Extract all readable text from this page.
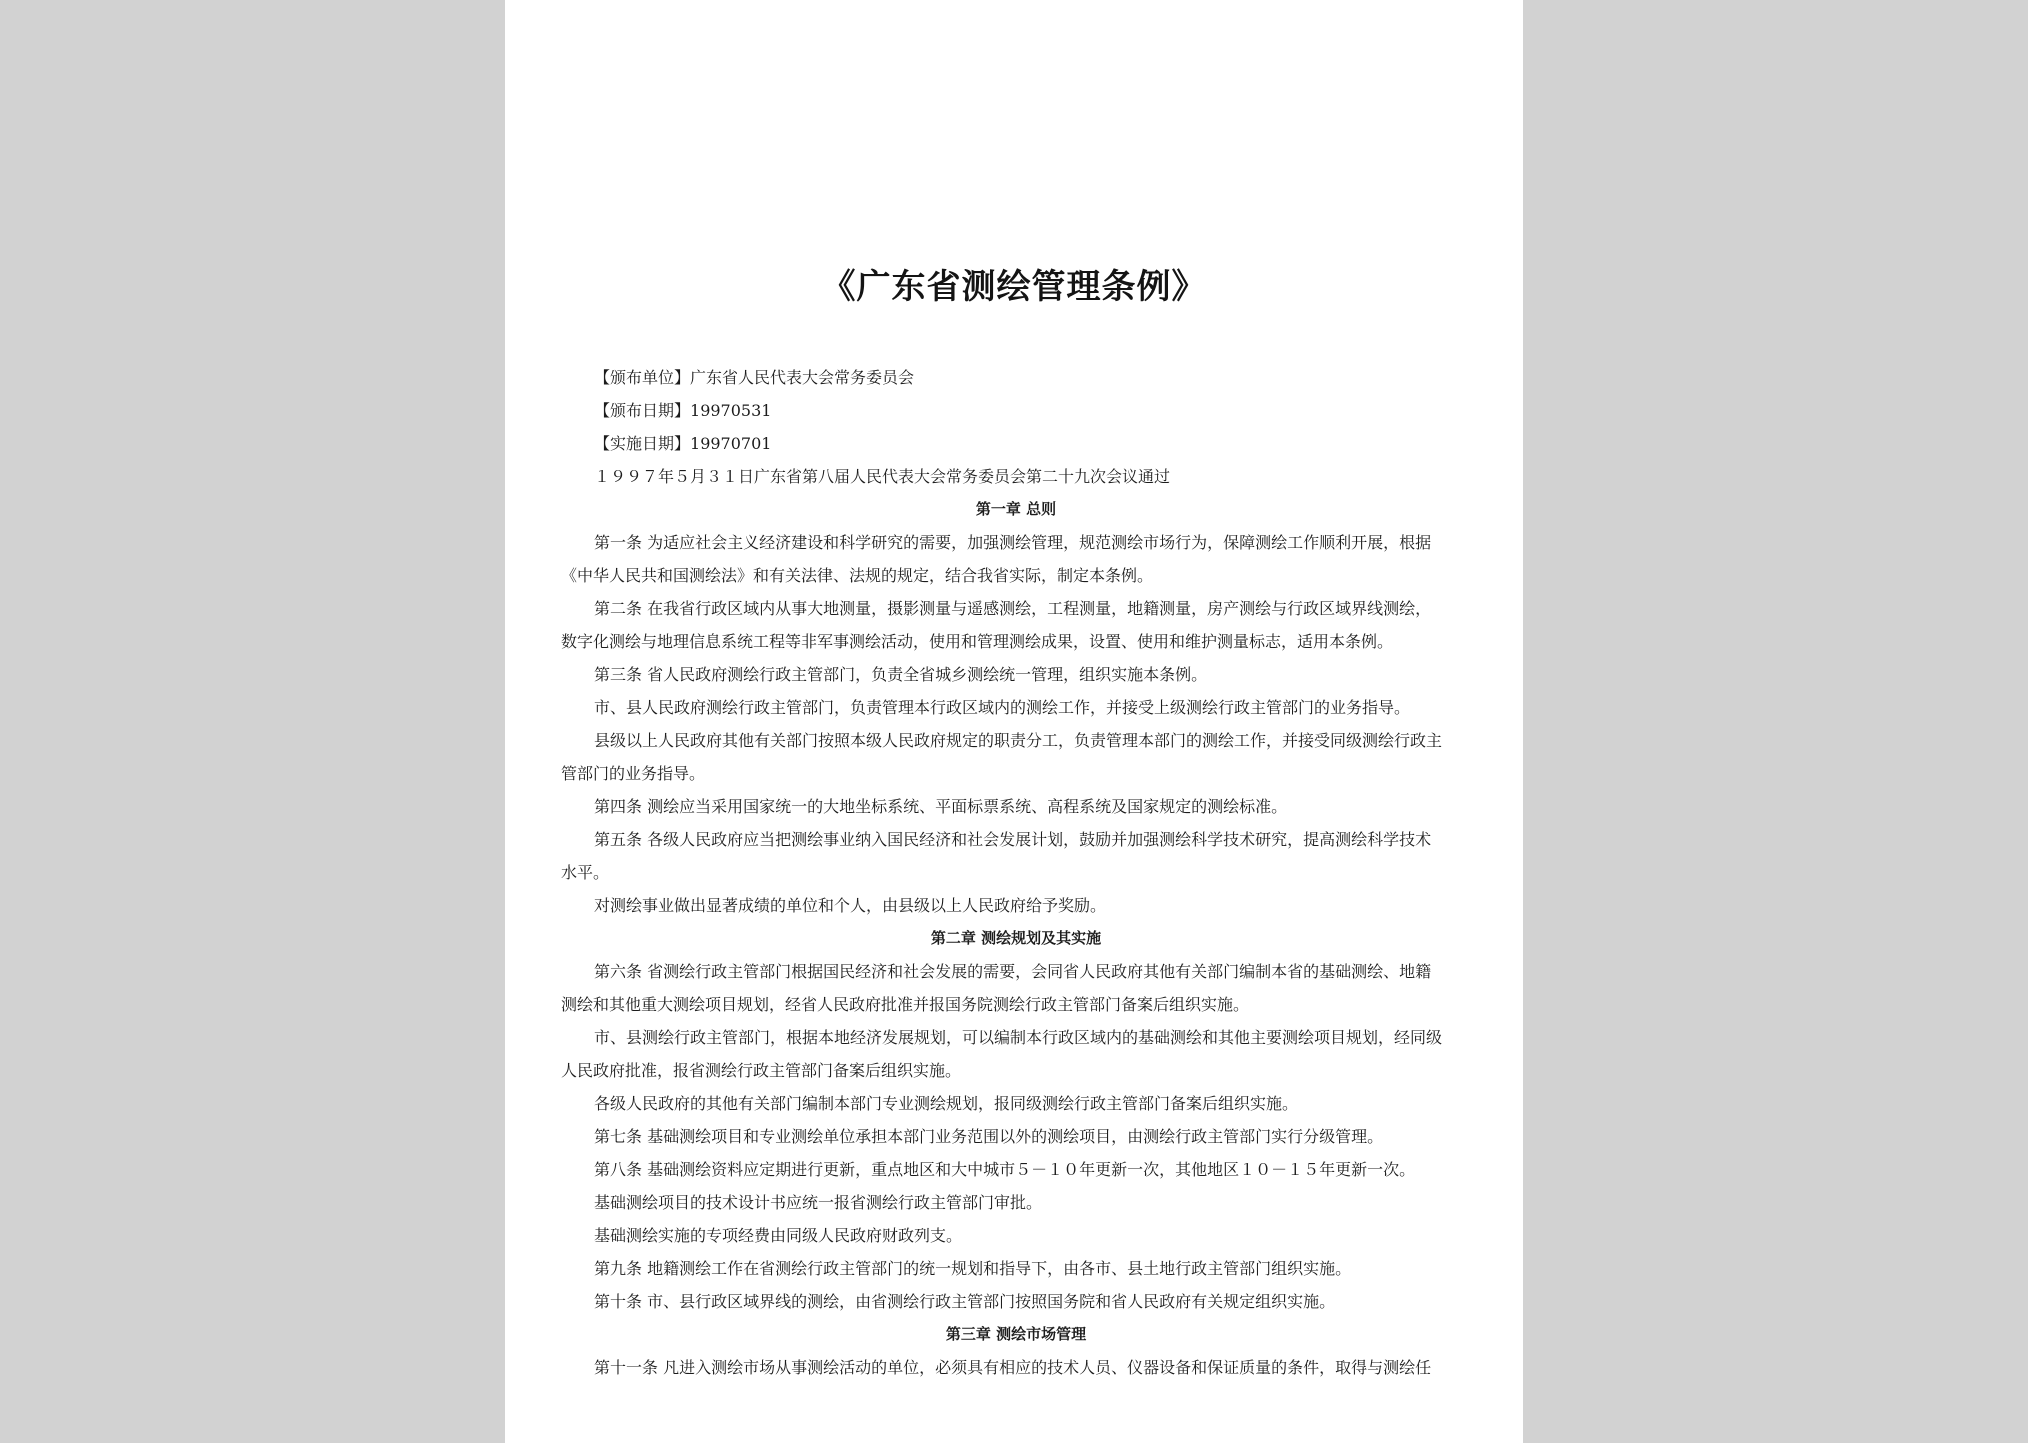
《广东省测绘管理条例》
【颁布单位】广东省人民代表大会常务委员会
【颁布日期】19970531
【实施日期】19970701
１９９７年５月３１日广东省第八届人民代表大会常务委员会第二十九次会议通过
第一章 总则
第一条 为适应社会主义经济建设和科学研究的需要，加强测绘管理，规范测绘市场行为，保障测绘工作顺利开展，根据
《中华人民共和国测绘法》和有关法律、法规的规定，结合我省实际，制定本条例。
第二条 在我省行政区域内从事大地测量，摄影测量与遥感测绘，工程测量，地籍测量，房产测绘与行政区域界线测绘，
数字化测绘与地理信息系统工程等非军事测绘活动，使用和管理测绘成果，设置、使用和维护测量标志，适用本条例。
第三条 省人民政府测绘行政主管部门，负责全省城乡测绘统一管理，组织实施本条例。
市、县人民政府测绘行政主管部门，负责管理本行政区域内的测绘工作，并接受上级测绘行政主管部门的业务指导。
县级以上人民政府其他有关部门按照本级人民政府规定的职责分工，负责管理本部门的测绘工作，并接受同级测绘行政主
管部门的业务指导。
第四条 测绘应当采用国家统一的大地坐标系统、平面标票系统、高程系统及国家规定的测绘标准。
第五条 各级人民政府应当把测绘事业纳入国民经济和社会发展计划，鼓励并加强测绘科学技术研究，提高测绘科学技术
水平。
对测绘事业做出显著成绩的单位和个人，由县级以上人民政府给予奖励。
第二章 测绘规划及其实施
第六条 省测绘行政主管部门根据国民经济和社会发展的需要，会同省人民政府其他有关部门编制本省的基础测绘、地籍
测绘和其他重大测绘项目规划，经省人民政府批准并报国务院测绘行政主管部门备案后组织实施。
市、县测绘行政主管部门，根据本地经济发展规划，可以编制本行政区域内的基础测绘和其他主要测绘项目规划，经同级
人民政府批准，报省测绘行政主管部门备案后组织实施。
各级人民政府的其他有关部门编制本部门专业测绘规划，报同级测绘行政主管部门备案后组织实施。
第七条 基础测绘项目和专业测绘单位承担本部门业务范围以外的测绘项目，由测绘行政主管部门实行分级管理。
第八条 基础测绘资料应定期进行更新，重点地区和大中城市５－１０年更新一次，其他地区１０－１５年更新一次。
基础测绘项目的技术设计书应统一报省测绘行政主管部门审批。
基础测绘实施的专项经费由同级人民政府财政列支。
第九条 地籍测绘工作在省测绘行政主管部门的统一规划和指导下，由各市、县土地行政主管部门组织实施。
第十条 市、县行政区域界线的测绘，由省测绘行政主管部门按照国务院和省人民政府有关规定组织实施。
第三章 测绘市场管理
第十一条 凡进入测绘市场从事测绘活动的单位，必须具有相应的技术人员、仪器设备和保证质量的条件，取得与测绘任
